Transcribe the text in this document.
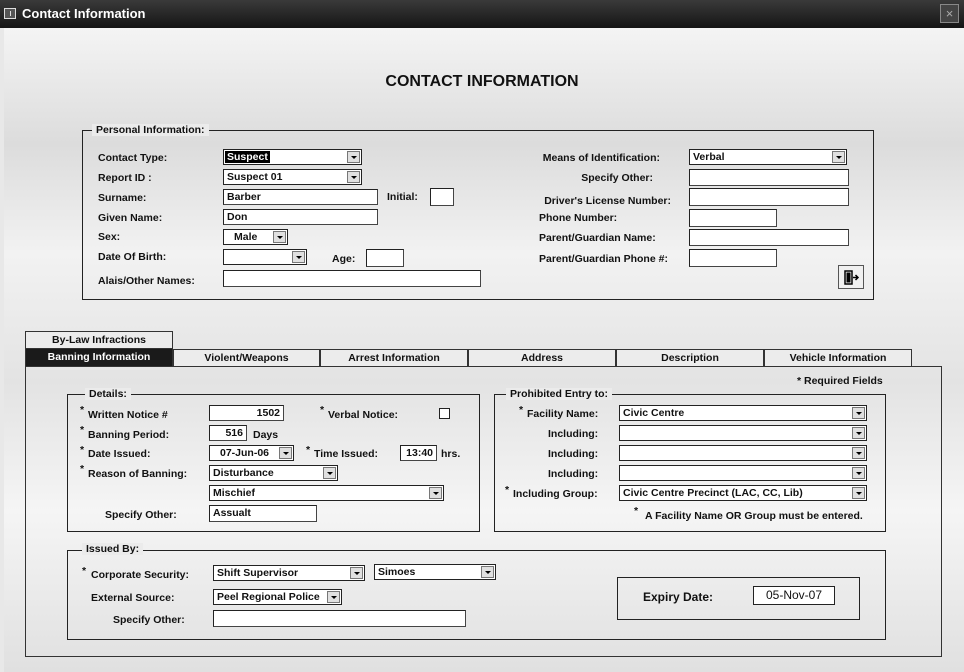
Contact Information	×
CONTACT INFORMATION
Personal Information:
Contact Type:	Suspect
Report ID :	Suspect 01
Surname:	Barber	Initial:
Given Name:	Don
Sex:	Male
Date Of Birth:	Age:
Alais/Other Names:
Means of Identification:	Verbal
Specify Other:
Driver's License Number:
Phone Number:
Parent/Guardian Name:
Parent/Guardian Phone #:
By-Law Infractions
Banning Information	Violent/Weapons	Arrest Information	Address	Description	Vehicle Information
* Required Fields
Details:
* Written Notice #	1502	* Verbal Notice:
* Banning Period:	516 Days
* Date Issued:	07-Jun-06	* Time Issued:	13:40 hrs.
* Reason of Banning: Disturbance
Mischief
Specify Other:	Assualt
Prohibited Entry to:
* Facility Name: Civic Centre
Including:
Including:
Including:
* Including Group: Civic Centre Precinct (LAC, CC, Lib)
* A Facility Name OR Group must be entered.
Issued By:
* Corporate Security:	Shift Supervisor	Simoes
External Source:	Peel Regional Police
Specify Other:
Expiry Date:	05-Nov-07
